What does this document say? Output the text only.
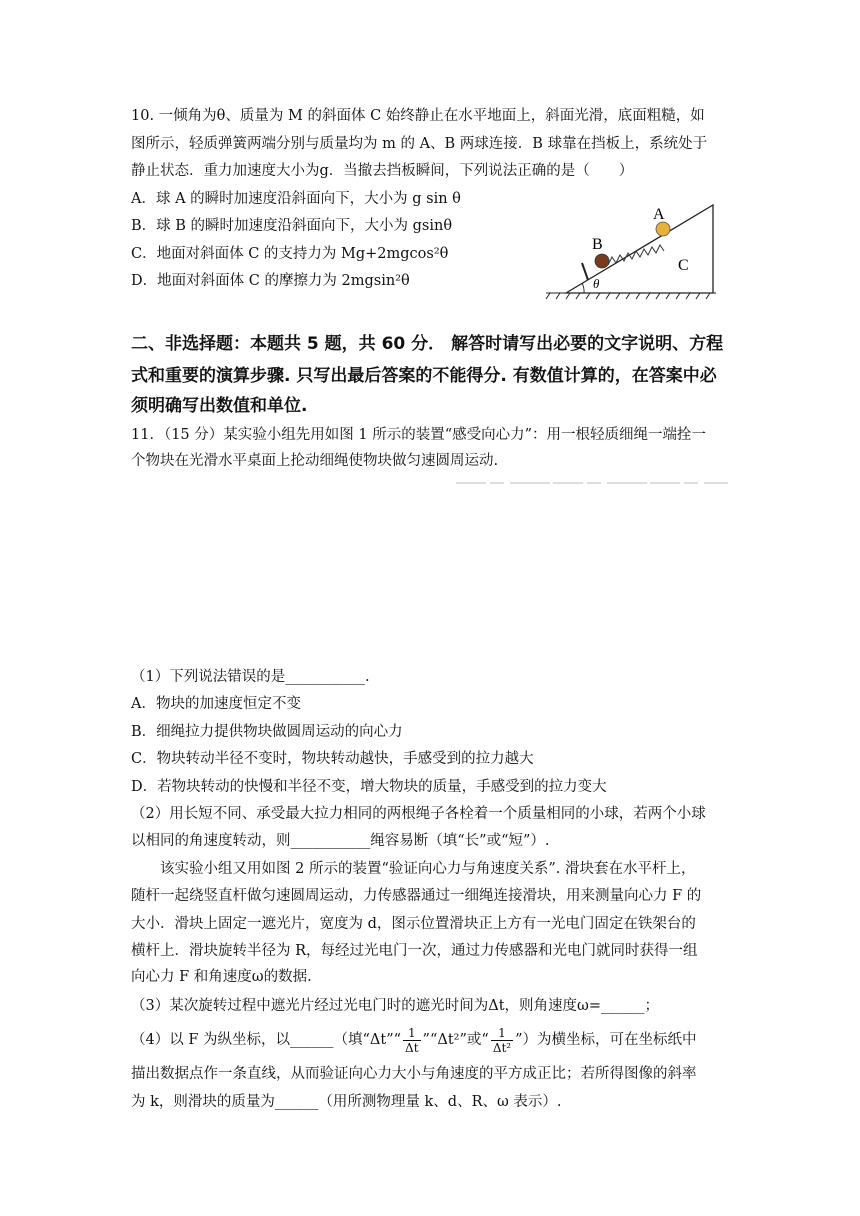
10. 一倾角为θ、质量为 M 的斜面体 C 始终静止在水平地面上，斜面光滑，底面粗糙，如
图所示，轻质弹簧两端分别与质量均为 m 的 A、B 两球连接．B 球靠在挡板上，系统处于
静止状态．重力加速度大小为g．当撤去挡板瞬间，下列说法正确的是（　　）
A．球 A 的瞬时加速度沿斜面向下，大小为 g sin θ
B．球 B 的瞬时加速度沿斜面向下，大小为 gsinθ
C．地面对斜面体 C 的支持力为 Mg+2mgcos²θ
D．地面对斜面体 C 的摩擦力为 2mgsin²θ
A
B
C
θ
二、非选择题：本题共 5 题，共 60 分． 解答时请写出必要的文字说明、方程
式和重要的演算步骤. 只写出最后答案的不能得分. 有数值计算的，在答案中必
须明确写出数值和单位.
11．（15 分）某实验小组先用如图 1 所示的装置“感受向心力”：用一根轻质细绳一端拴一
个物块在光滑水平桌面上抡动细绳使物块做匀速圆周运动.
（1）下列说法错误的是___________.
A．物块的加速度恒定不变
B．细绳拉力提供物块做圆周运动的向心力
C．物块转动半径不变时，物块转动越快，手感受到的拉力越大
D．若物块转动的快慢和半径不变，增大物块的质量，手感受到的拉力变大
（2）用长短不同、承受最大拉力相同的两根绳子各栓着一个质量相同的小球，若两个小球
以相同的角速度转动，则___________绳容易断（填“长”或“短”）.
该实验小组又用如图 2 所示的装置“验证向心力与角速度关系”. 滑块套在水平杆上，
随杆一起绕竖直杆做匀速圆周运动，力传感器通过一细绳连接滑块，用来测量向心力 F 的
大小．滑块上固定一遮光片，宽度为 d，图示位置滑块正上方有一光电门固定在铁架台的
横杆上．滑块旋转半径为 R，每经过光电门一次，通过力传感器和光电门就同时获得一组
向心力 F 和角速度ω的数据.
（3）某次旋转过程中遮光片经过光电门时的遮光时间为Δt，则角速度ω=______；
（4）以 F 为纵坐标，以______（填“Δt”“ $\frac{1}{\Delta t}$ ”“Δt²”或“ $\frac{1}{\text{Δt²}}$ ”）为横坐标，可在坐标纸中
描出数据点作一条直线，从而验证向心力大小与角速度的平方成正比；若所得图像的斜率
为 k，则滑块的质量为______（用所测物理量 k、d、R、ω 表示）.
